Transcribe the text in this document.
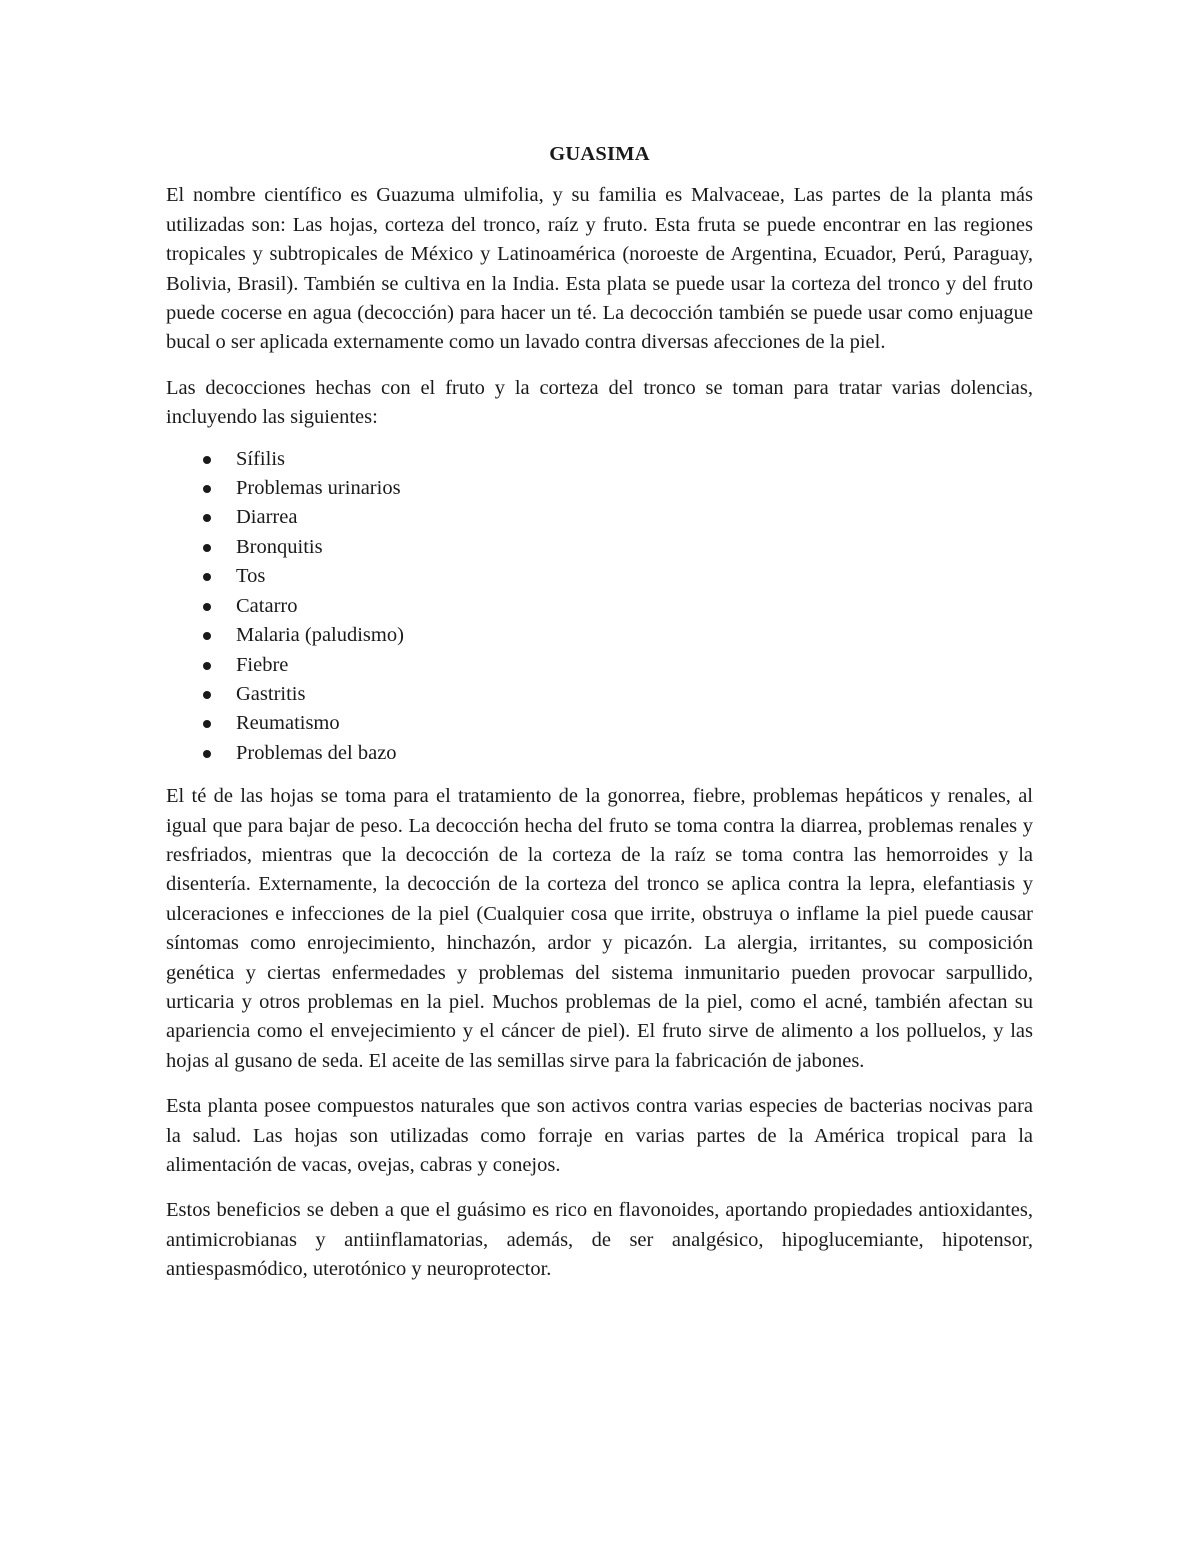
GUASIMA

El nombre científico es Guazuma ulmifolia, y su familia es Malvaceae, Las partes de la planta más utilizadas son: Las hojas, corteza del tronco, raíz y fruto. Esta fruta se puede encontrar en las regiones tropicales y subtropicales de México y Latinoamérica (noroeste de Argentina, Ecuador, Perú, Paraguay, Bolivia, Brasil). También se cultiva en la India. Esta plata se puede usar la corteza del tronco y del fruto puede cocerse en agua (decocción) para hacer un té. La decocción también se puede usar como enjuague bucal o ser aplicada externamente como un lavado contra diversas afecciones de la piel.

Las decocciones hechas con el fruto y la corteza del tronco se toman para tratar varias dolencias, incluyendo las siguientes:

Sífilis
Problemas urinarios
Diarrea
Bronquitis
Tos
Catarro
Malaria (paludismo)
Fiebre
Gastritis
Reumatismo
Problemas del bazo

El té de las hojas se toma para el tratamiento de la gonorrea, fiebre, problemas hepáticos y renales, al igual que para bajar de peso. La decocción hecha del fruto se toma contra la diarrea, problemas renales y resfriados, mientras que la decocción de la corteza de la raíz se toma contra las hemorroides y la disentería. Externamente, la decocción de la corteza del tronco se aplica contra la lepra, elefantiasis y ulceraciones e infecciones de la piel (Cualquier cosa que irrite, obstruya o inflame la piel puede causar síntomas como enrojecimiento, hinchazón, ardor y picazón. La alergia, irritantes, su composición genética y ciertas enfermedades y problemas del sistema inmunitario pueden provocar sarpullido, urticaria y otros problemas en la piel. Muchos problemas de la piel, como el acné, también afectan su apariencia como el envejecimiento y el cáncer de piel). El fruto sirve de alimento a los polluelos, y las hojas al gusano de seda. El aceite de las semillas sirve para la fabricación de jabones.

Esta planta posee compuestos naturales que son activos contra varias especies de bacterias nocivas para la salud. Las hojas son utilizadas como forraje en varias partes de la América tropical para la alimentación de vacas, ovejas, cabras y conejos.

Estos beneficios se deben a que el guásimo es rico en flavonoides, aportando propiedades antioxidantes, antimicrobianas y antiinflamatorias, además, de ser analgésico, hipoglucemiante, hipotensor, antiespasmódico, uterotónico y neuroprotector.
